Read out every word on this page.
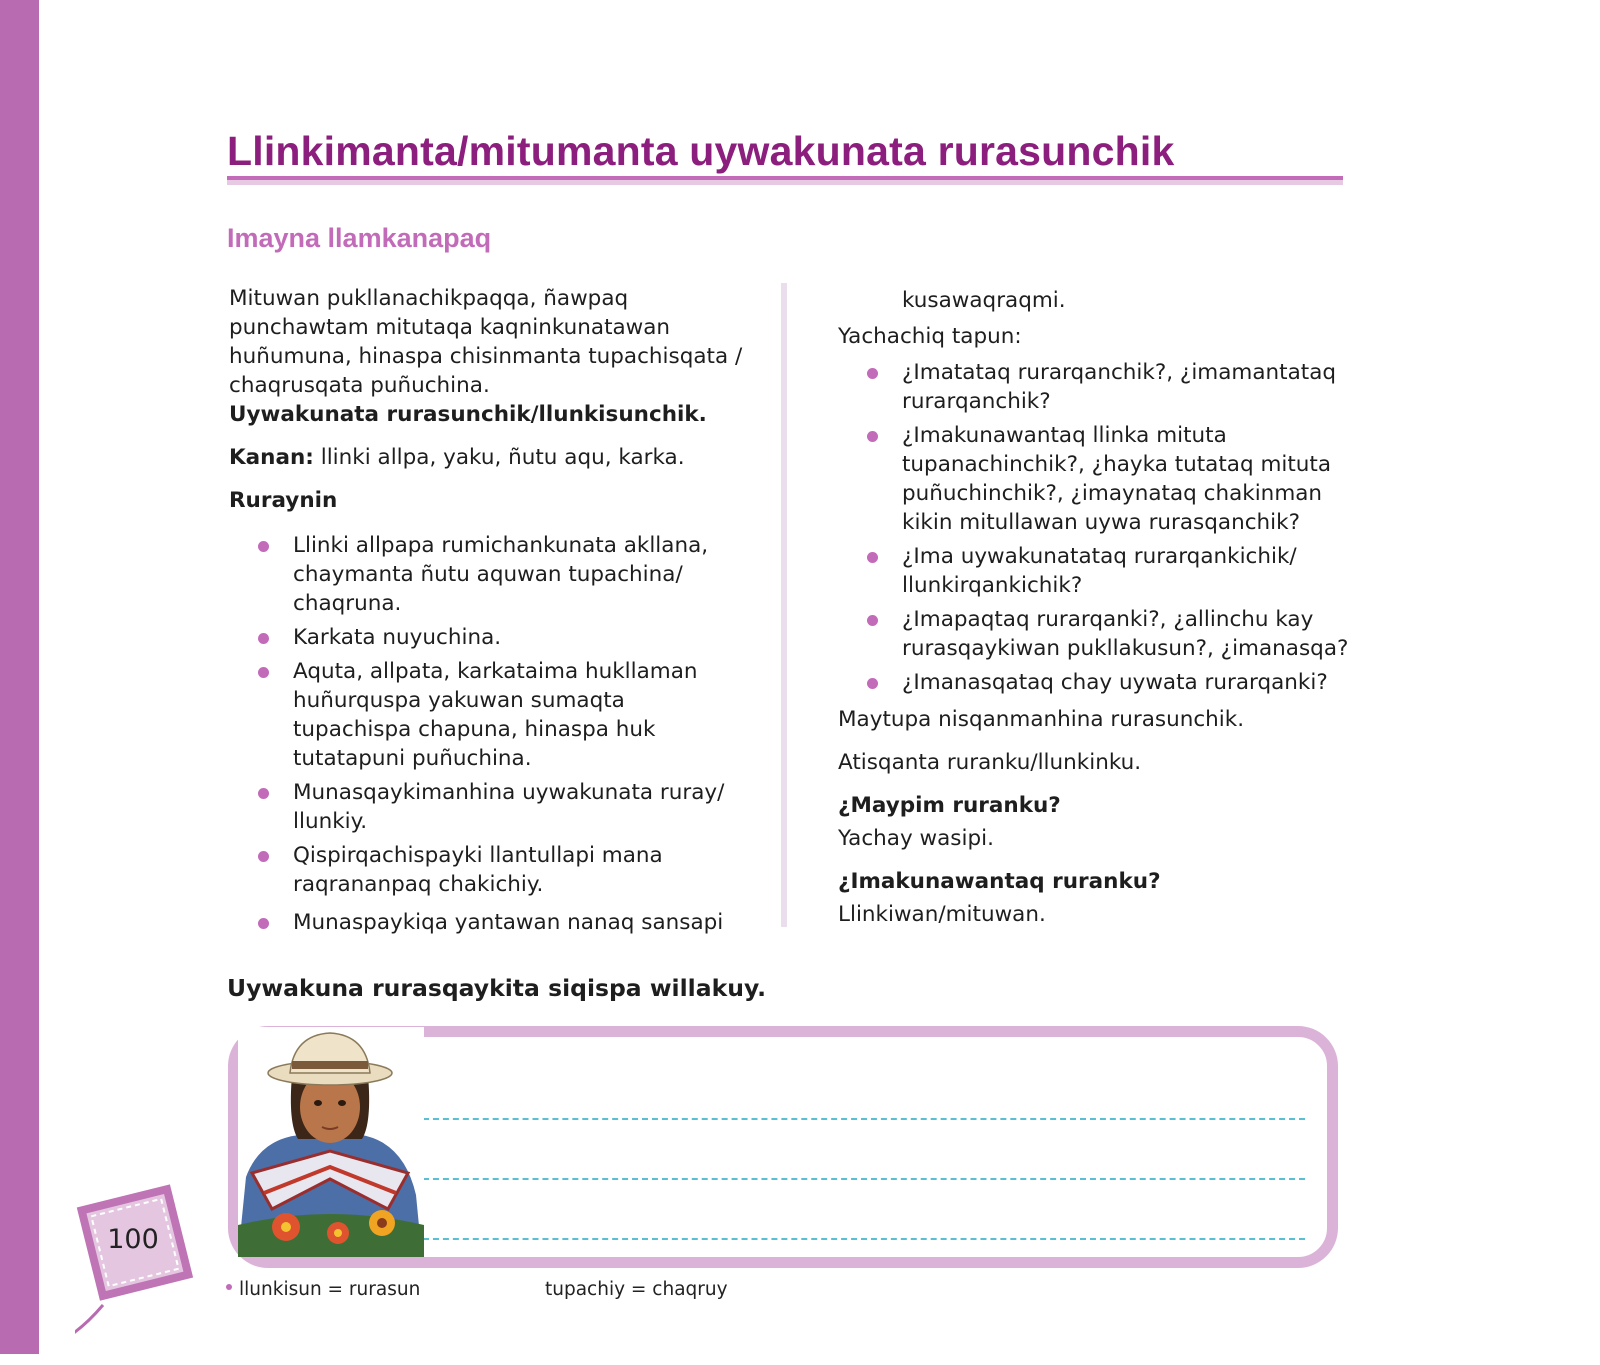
Llinkimanta/mitumanta uywakunata rurasunchik
Imayna llamkanapaq

Mituwan pukllanachikpaqqa, ñawpaq punchawtam mitutaqa kaqninkunatawan huñumuna, hinaspa chisinmanta tupachisqata / chaqrusqata puñuchina.

Uywakunata rurasunchik/llunkisunchik.

Kanan: llinki allpa, yaku, ñutu aqu, karka.

Ruraynin

Llinki allpapa rumichankunata akllana, chaymanta ñutu aquwan tupachina/ chaqruna.
Karkata nuyuchina.
Aquta, allpata, karkataima hukllaman huñurquspa yakuwan sumaqta tupachispa chapuna, hinaspa huk tutatapuni puñuchina.
Munasqaykimanhina uywakunata ruray/ llunkiy.
Qispirqachispayki llantullapi mana raqrananpaq chakichiy.
Munaspaykiqa yantawan nanaq sansapi

kusawaqraqmi.

Yachachiq tapun:

¿Imatataq rurarqanchik?, ¿imamantataq rurarqanchik?
¿Imakunawantaq llinka mituta tupanachinchik?, ¿hayka tutataq mituta puñuchinchik?, ¿imaynataq chakinman kikin mitullawan uywa rurasqanchik?
¿Ima uywakunatataq rurarqankichik/ llunkirqankichik?
¿Imapaqtaq rurarqanki?, ¿allinchu kay rurasqaykiwan pukllakusun?, ¿imanasqa?
¿Imanasqataq chay uywata rurarqanki?

Maytupa nisqanmanhina rurasunchik.

Atisqanta ruranku/llunkinku.

¿Maypim ruranku?

Yachay wasipi.

¿Imakunawantaq ruranku?

Llinkiwan/mituwan.

Uywakuna rurasqaykita siqispa willakuy.

100
llunkisun = rurasun	tupachiy = chaqruy
